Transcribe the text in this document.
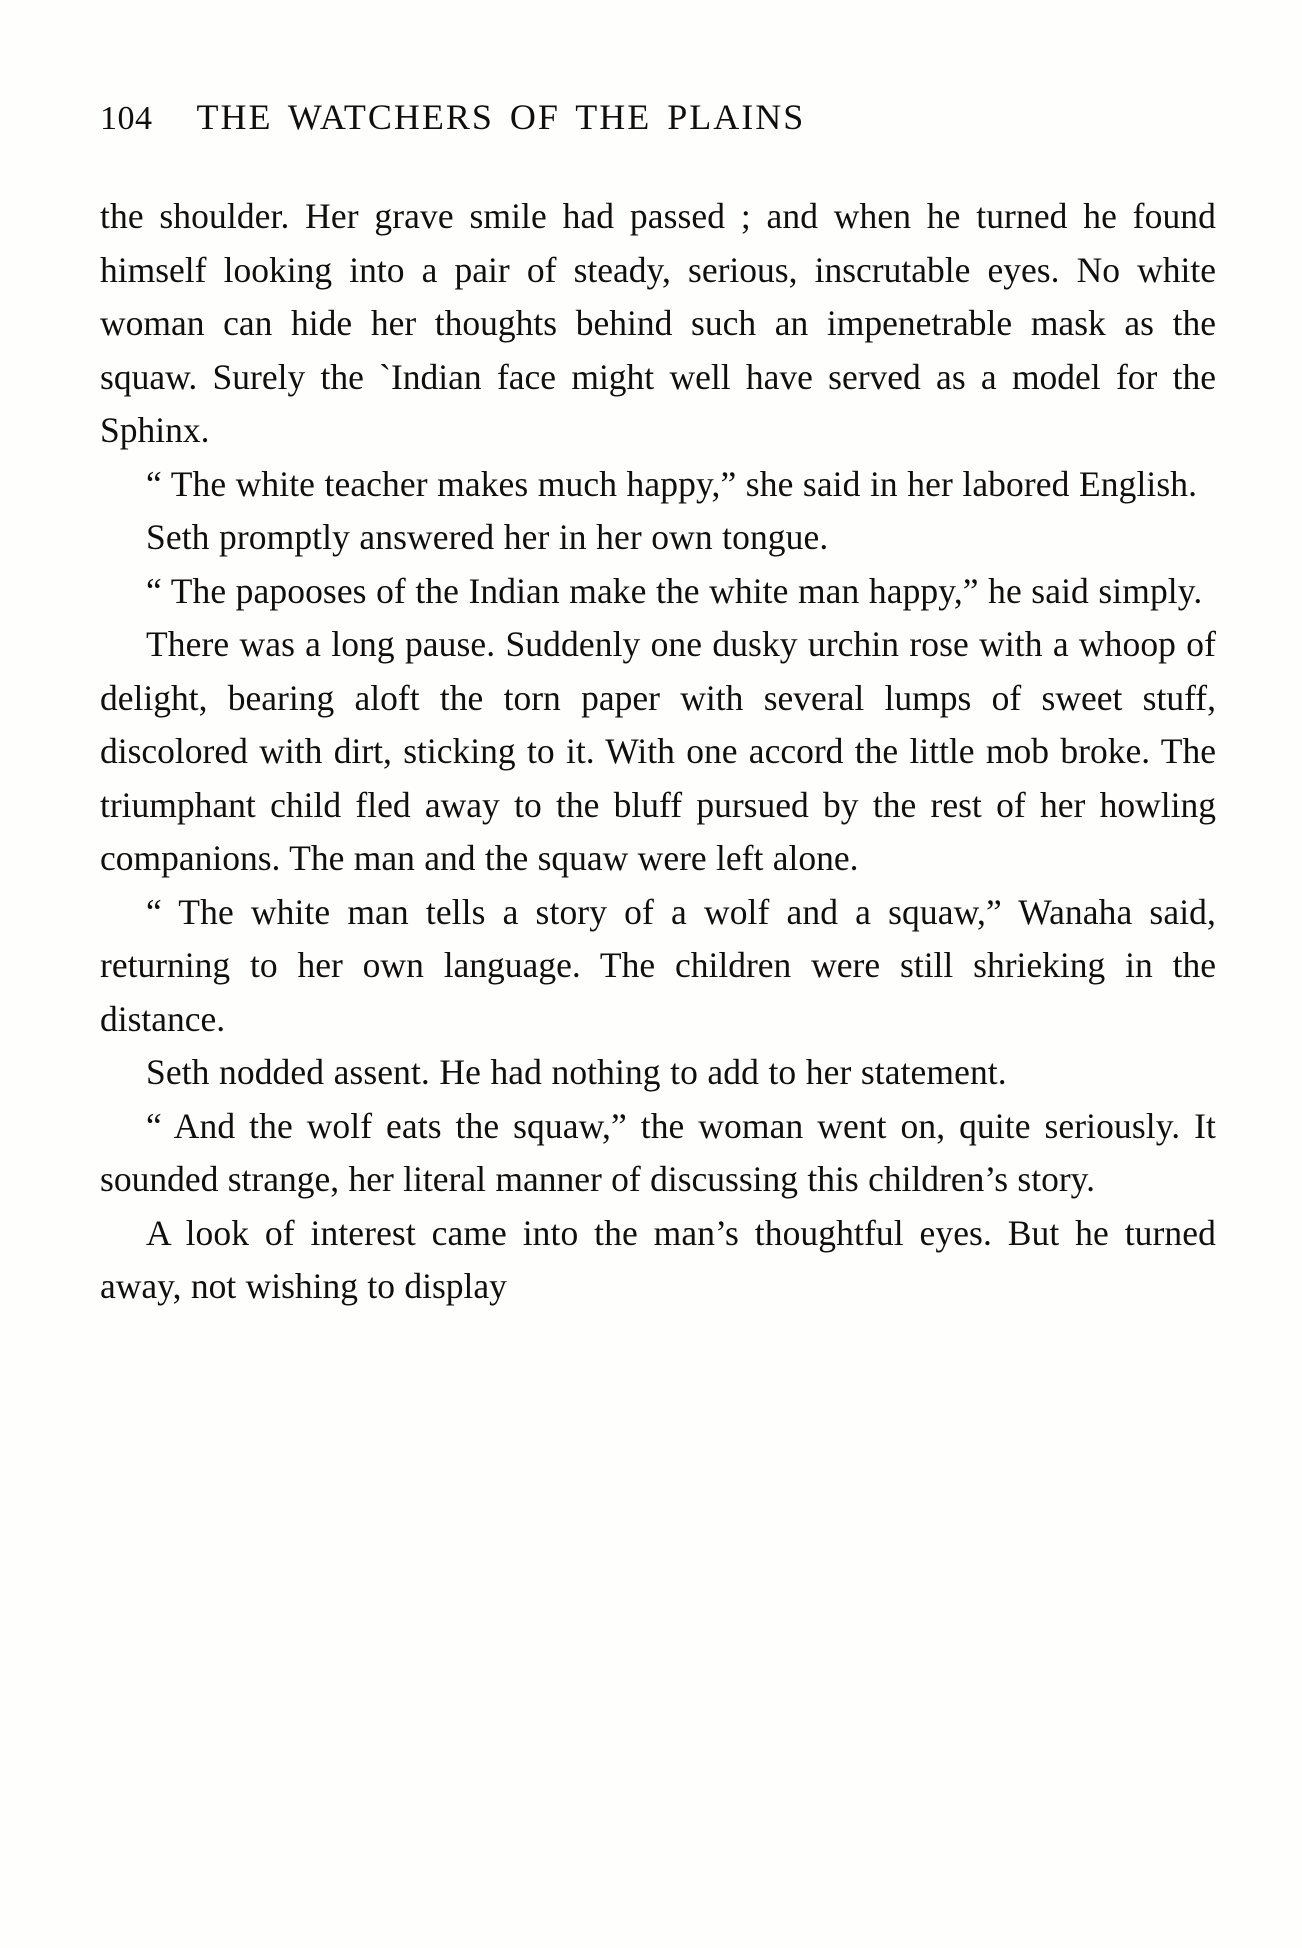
104 THE WATCHERS OF THE PLAINS

the shoulder. Her grave smile had passed ; and when he turned he found himself looking into a pair of steady, serious, inscrutable eyes. No white woman can hide her thoughts behind such an impenetrable mask as the squaw. Surely the `Indian face might well have served as a model for the Sphinx.

“ The white teacher makes much happy,” she said in her labored English.

Seth promptly answered her in her own tongue.

“ The papooses of the Indian make the white man happy,” he said simply.

There was a long pause. Suddenly one dusky urchin rose with a whoop of delight, bearing aloft the torn paper with several lumps of sweet stuff, discolored with dirt, sticking to it. With one accord the little mob broke. The triumphant child fled away to the bluff pursued by the rest of her howling companions. The man and the squaw were left alone.

“ The white man tells a story of a wolf and a squaw,” Wanaha said, returning to her own language. The children were still shrieking in the distance.

Seth nodded assent. He had nothing to add to her statement.

“ And the wolf eats the squaw,” the woman went on, quite seriously. It sounded strange, her literal manner of discussing this children’s story.

A look of interest came into the man’s thoughtful eyes. But he turned away, not wishing to display
